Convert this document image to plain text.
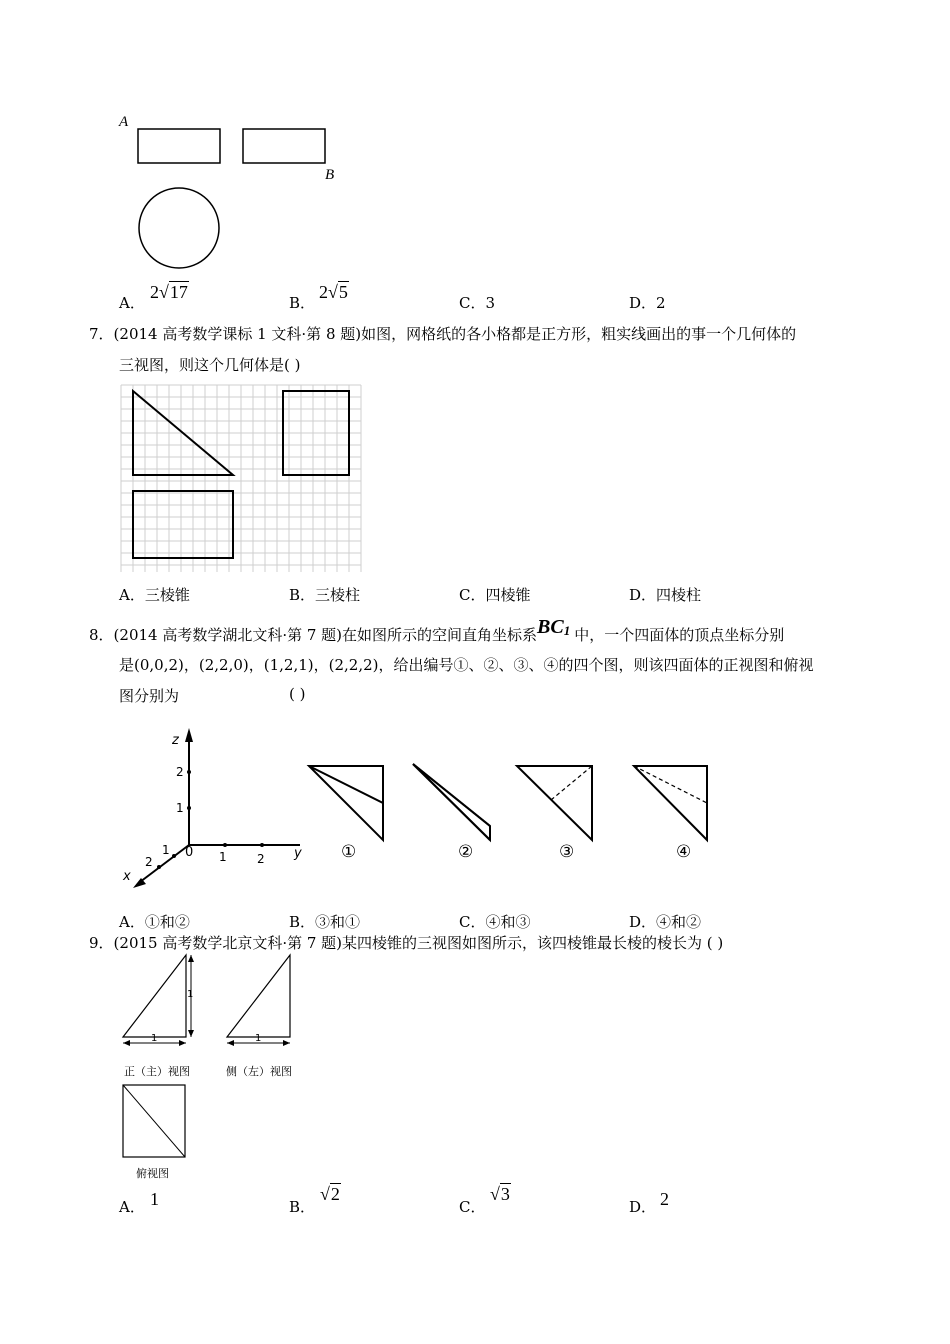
A
B
A．
2√17
B．
2√5
C．3	D．2
7．(2014 高考数学课标 1 文科·第 8 题)如图，网格纸的各小格都是正方形，粗实线画出的事一个几何体的
三视图，则这个几何体是( )
A．三棱锥	B．三棱柱	C．四棱锥	D．四棱柱
8．(2014 高考数学湖北文科·第 7 题)在如图所示的空间直角坐标系BC1 中，一个四面体的顶点坐标分别
是(0,0,2)，(2,2,0)，(1,2,1)，(2,2,2)，给出编号①、②、③、④的四个图，则该四面体的正视图和俯视
图分别为	( )
z
2
1
0 1	2 y
1
2
x
①	②	③	④
A．①和②	B．③和①	C．④和③	D．④和②
9．(2015 高考数学北京文科·第 7 题)某四棱锥的三视图如图所示，该四棱锥最长棱的棱长为 ( )
1
1	1
正（主）视图	侧（左）视图
俯视图
A． 1	B．
√2
C．
√3
D． 2
